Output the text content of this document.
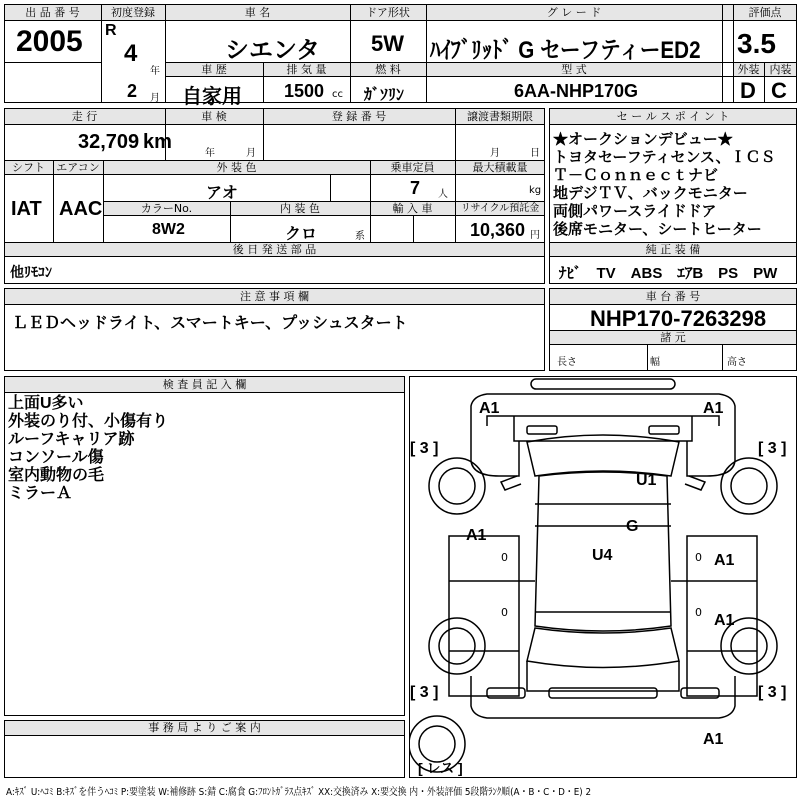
出 品 番 号
2005
初度登録
R
4
年
2 月
車 名
シエンタ
ドア形状
5W
グ レ ー ド
ﾊｲﾌﾞﾘｯﾄﾞ G セーフティーED2
評価点
3.5
車 歴
自家用
排 気 量
1500 cc
燃 料
ｶﾞｿﾘﾝ
型 式
6AA-NHP170G
外装 内装
D C
走 行
32,709 km
車 検
年	月
登 録 番 号	譲渡書類期限
月	日
シフト
IAT
エアコン
AAC
外 装 色
アオ
乗車定員
7 人
最大積載量
kg
カラーNo.
8W2
内 装 色
クロ	系
輸 入 車	リサイクル預託金
10,360 円
後 日 発 送 部 品
他ﾘﾓｺﾝ
セ ー ル ス ポ イ ン ト
★オークションデビュー★
トヨタセーフティセンス、ＩＣＳ
Ｔ－Ｃｏｎｎｅｃｔナビ
地デジＴＶ、バックモニター
両側パワースライドドア
後席モニター、シートヒーター
純 正 装 備
ﾅﾋﾞ　TV　ABS　ｴｱB　PS　PW
注 意 事 項 欄
ＬＥＤヘッドライト、スマートキー、プッシュスタート
車 台 番 号
NHP170-7263298
諸 元
長さ	幅	高さ
検 査 員 記 入 欄
上面U多い
外装のり付、小傷有り
ルーフキャリア跡
コンソール傷
室内動物の毛
ミラーＡ
事 務 局 よ り ご 案 内
0	0
0	0
A1	A1
U1
G
U4
A1
A1
A1
A1
[ 3 ]	[ 3 ]
[ 3 ]	[ 3 ]
[ レス ]
A:ｷｽﾞ U:ﾍｺﾐ B:ｷｽﾞを伴うﾍｺﾐ P:要塗装 W:補修跡 S:錆 C:腐食 G:ﾌﾛﾝﾄｶﾞﾗｽ点ｷｽﾞ XX:交換済み X:要交換 内・外装評価 5段階ﾗﾝｸ順(A・B・C・D・E) 2
